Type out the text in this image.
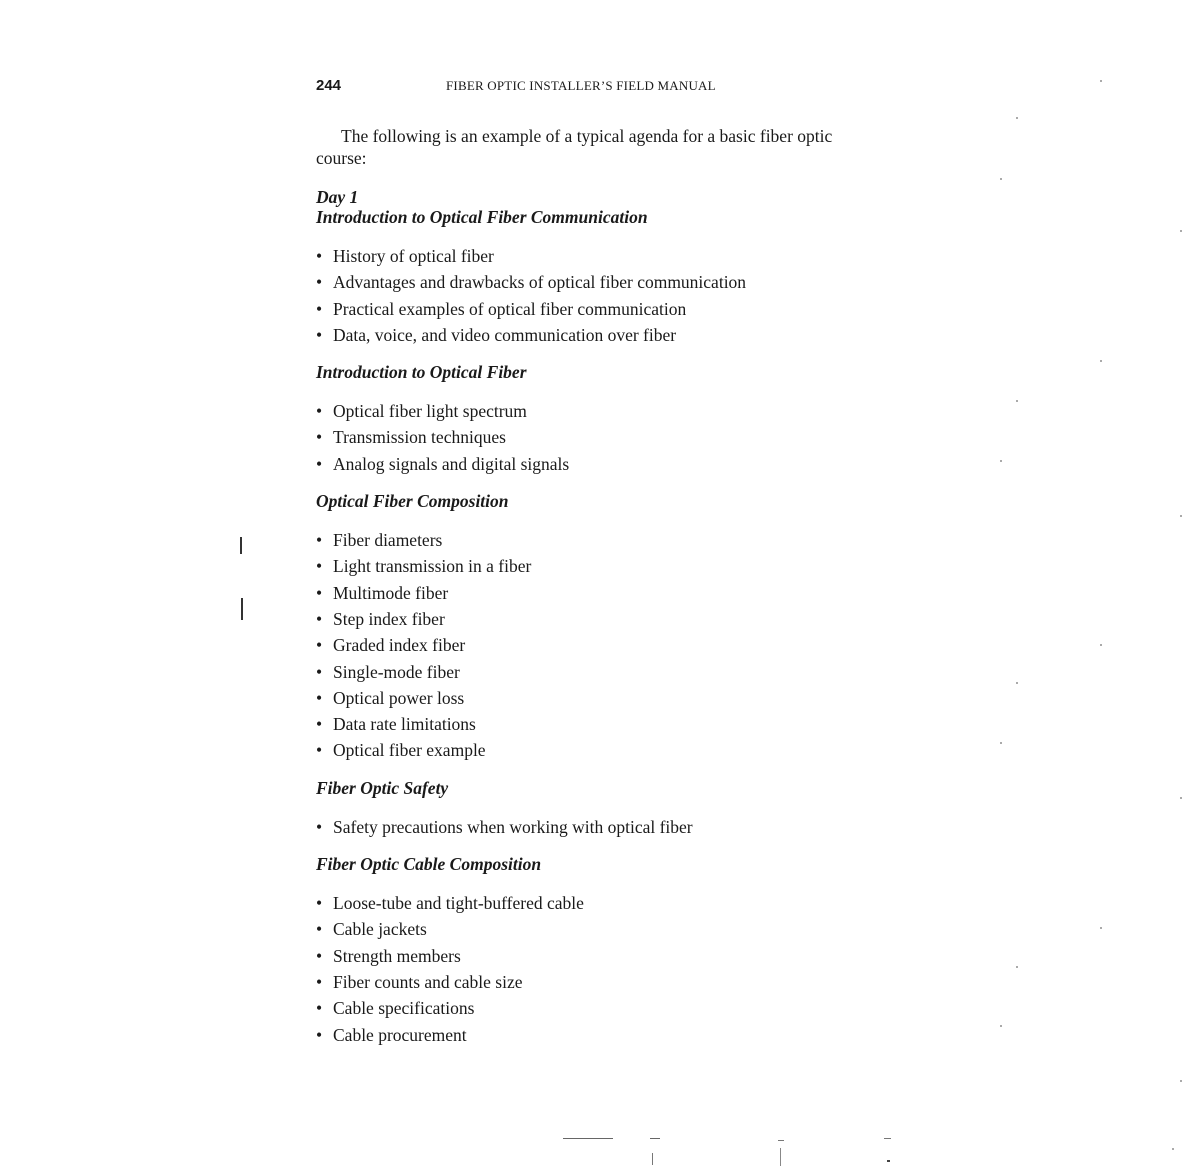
244	FIBER OPTIC INSTALLER’S FIELD MANUAL

The following is an example of a typical agenda for a basic fiber optic course:

Day 1

Introduction to Optical Fiber Communication

• History of optical fiber
• Advantages and drawbacks of optical fiber communication
• Practical examples of optical fiber communication
• Data, voice, and video communication over fiber

Introduction to Optical Fiber

• Optical fiber light spectrum
• Transmission techniques
• Analog signals and digital signals

Optical Fiber Composition

• Fiber diameters
• Light transmission in a fiber
• Multimode fiber
• Step index fiber
• Graded index fiber
• Single-mode fiber
• Optical power loss
• Data rate limitations
• Optical fiber example

Fiber Optic Safety

• Safety precautions when working with optical fiber

Fiber Optic Cable Composition

• Loose-tube and tight-buffered cable
• Cable jackets
• Strength members
• Fiber counts and cable size
• Cable specifications
• Cable procurement
